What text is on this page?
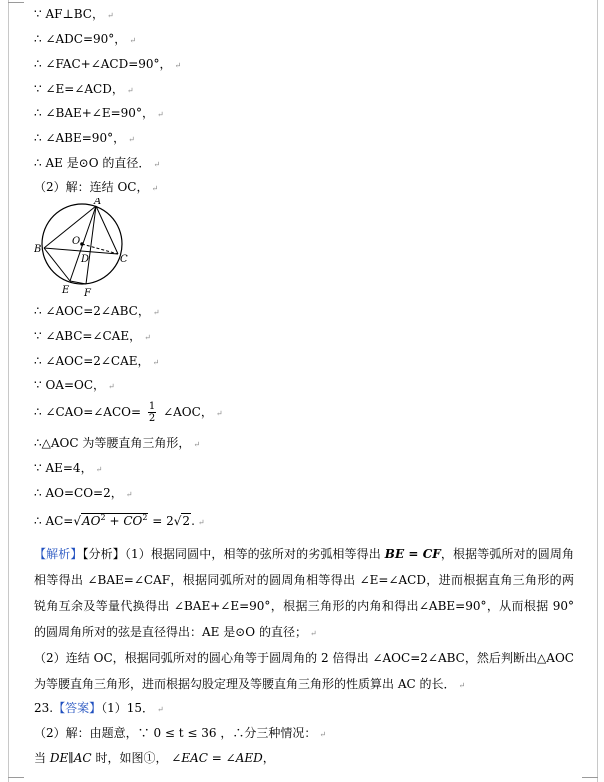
∵ AF⊥BC， ↵
∴ ∠ADC=90°， ↵
∴ ∠FAC+∠ACD=90°， ↵
∵ ∠E=∠ACD， ↵
∴ ∠BAE+∠E=90°， ↵
∴ ∠ABE=90°， ↵
∴ AE 是⊙O 的直径． ↵
（2）解：连结 OC， ↵
A
B
O
D	C
E F
∴ ∠AOC=2∠ABC， ↵
∵ ∠ABC=∠CAE， ↵
∴ ∠AOC=2∠CAE， ↵
∵ OA=OC， ↵
∴ ∠CAO=∠ACO= $\frac{1}{2}$ ∠AOC， ↵
∴△AOC 为等腰直角三角形， ↵
∵ AE=4， ↵
∴ AO=CO=2， ↵
∴ $AC=√AO^2 + CO^2 = 2√2$. ↵
【解析】【分析】（1）根据同圆中，相等的弦所对的劣弧相等得出 BE = CF，根据等弧所对的圆周角相等得出 ∠BAE=∠CAF，根据同弧所对的圆周角相等得出 ∠E=∠ACD，进而根据直角三角形的两锐角互余及等量代换得出 ∠BAE+∠E=90°，根据三角形的内角和得出∠ABE=90°，从而根据 90°的圆周角所对的弦是直径得出：AE 是⊙O 的直径； ↵
（2）连结 OC，根据同弧所对的圆心角等于圆周角的 2 倍得出 ∠AOC=2∠ABC，然后判断出△AOC 为等腰直角三角形，进而根据勾股定理及等腰直角三角形的性质算出 AC 的长． ↵
23.【答案】（1）15． ↵
（2）解：由题意，∵ 0 ≤ t ≤ 36 ，∴分三种情况： ↵
当 DE∥AC 时，如图①， ∠EAC = ∠AED，
